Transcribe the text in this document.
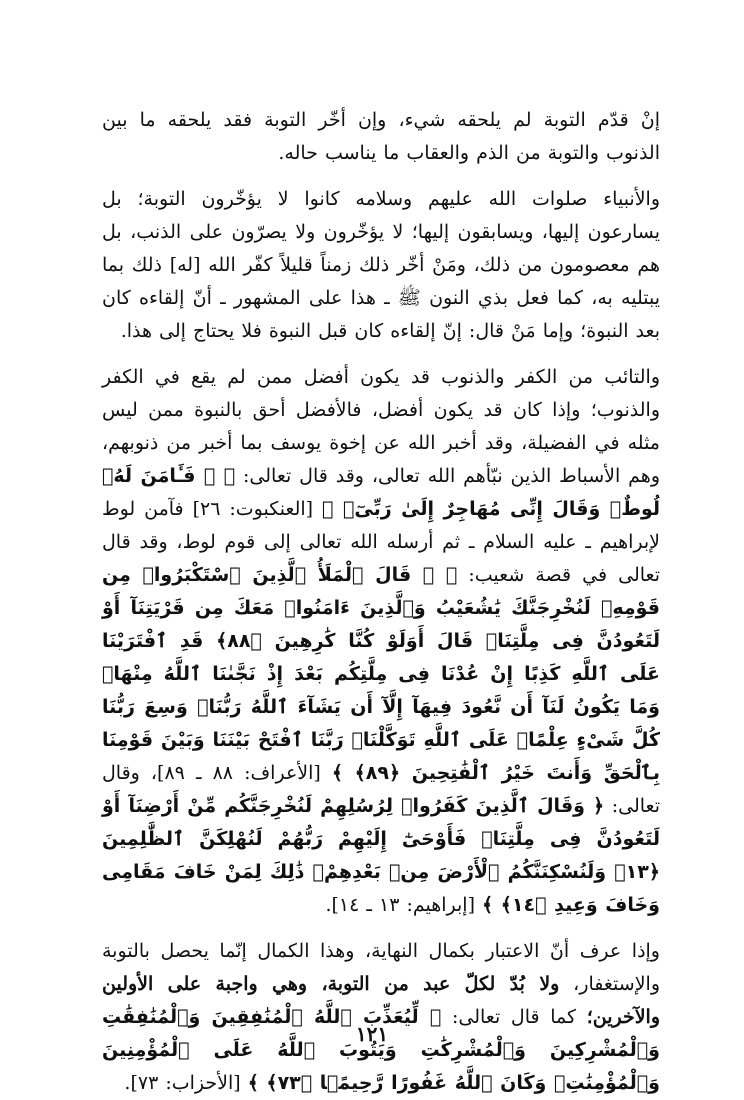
إنْ قدّم التوبة لم يلحقه شيء، وإن أخّر التوبة فقد يلحقه ما بين الذنوب والتوبة من الذم والعقاب ما يناسب حاله.

والأنبياء صلوات الله عليهم وسلامه كانوا لا يؤخّرون التوبة؛ بل يسارعون إليها، ويسابقون إليها؛ لا يؤخّرون ولا يصرّون على الذنب، بل هم معصومون من ذلك، ومَنْ أخّر ذلك زمناً قليلاً كفّر الله [له] ذلك بما يبتليه به، كما فعل بذي النون ﷺ ـ هذا على المشهور ـ أنّ إلقاءه كان بعد النبوة؛ وإما مَنْ قال: إنّ إلقاءه كان قبل النبوة فلا يحتاج إلى هذا.

والتائب من الكفر والذنوب قد يكون أفضل ممن لم يقع في الكفر والذنوب؛ وإذا كان قد يكون أفضل، فالأفضل أحق بالنبوة ممن ليس مثله في الفضيلة، وقد أخبر الله عن إخوة يوسف بما أخبر من ذنوبهم، وهم الأسباط الذين نبّأهم الله تعالى، وقد قال تعالى: ﴿ ۞ فَـَٔامَنَ لَهُۥ لُوطٌۘ وَقَالَ إِنِّى مُهَاجِرٌ إِلَىٰ رَبِّىٓۖ ﴾ [العنكبوت: ٢٦] فآمن لوط لإبراهيم ـ عليه السلام ـ ثم أرسله الله تعالى إلى قوم لوط، وقد قال تعالى في قصة شعيب: ﴿ ۞ قَالَ ٱلْمَلَأُ ٱلَّذِينَ ٱسْتَكْبَرُوا۟ مِن قَوْمِهِۦ لَنُخْرِجَنَّكَ يَٰشُعَيْبُ وَٱلَّذِينَ ءَامَنُوا۟ مَعَكَ مِن قَرْيَتِنَآ أَوْ لَتَعُودُنَّ فِى مِلَّتِنَاۚ قَالَ أَوَلَوْ كُنَّا كَٰرِهِينَ ﴿٨٨﴾ قَدِ ٱفْتَرَيْنَا عَلَى ٱللَّهِ كَذِبًا إِنْ عُدْنَا فِى مِلَّتِكُم بَعْدَ إِذْ نَجَّىٰنَا ٱللَّهُ مِنْهَاۚ وَمَا يَكُونُ لَنَآ أَن نَّعُودَ فِيهَآ إِلَّآ أَن يَشَآءَ ٱللَّهُ رَبُّنَاۚ وَسِعَ رَبُّنَا كُلَّ شَىْءٍ عِلْمًاۚ عَلَى ٱللَّهِ تَوَكَّلْنَاۚ رَبَّنَا ٱفْتَحْ بَيْنَنَا وَبَيْنَ قَوْمِنَا بِٱلْحَقِّ وَأَنتَ خَيْرُ ٱلْفَٰتِحِينَ ﴿٨٩﴾ ﴾ [الأعراف: ٨٨ ـ ٨٩]، وقال تعالى: ﴿ وَقَالَ ٱلَّذِينَ كَفَرُوا۟ لِرُسُلِهِمْ لَنُخْرِجَنَّكُم مِّنْ أَرْضِنَآ أَوْ لَتَعُودُنَّ فِى مِلَّتِنَاۖ فَأَوْحَىٰٓ إِلَيْهِمْ رَبُّهُمْ لَنُهْلِكَنَّ ٱلظَّٰلِمِينَ ﴿١٣﴾ وَلَنُسْكِنَنَّكُمُ ٱلْأَرْضَ مِنۢ بَعْدِهِمْۚ ذَٰلِكَ لِمَنْ خَافَ مَقَامِى وَخَافَ وَعِيدِ ﴿١٤﴾ ﴾ [إبراهيم: ١٣ ـ ١٤].

وإذا عرف أنّ الاعتبار بكمال النهاية، وهذا الكمال إنّما يحصل بالتوبة والإستغفار، ولا بُدّ لكلّ عبد من التوبة، وهي واجبة على الأولين والآخرين؛ كما قال تعالى: ﴿ لِّيُعَذِّبَ ٱللَّهُ ٱلْمُنَٰفِقِينَ وَٱلْمُنَٰفِقَٰتِ وَٱلْمُشْرِكِينَ وَٱلْمُشْرِكَٰتِ وَيَتُوبَ ٱللَّهُ عَلَى ٱلْمُؤْمِنِينَ وَٱلْمُؤْمِنَٰتِۗ وَكَانَ ٱللَّهُ غَفُورًا رَّحِيمًۢا ﴿٧٣﴾ ﴾ [الأحزاب: ٧٣].

١٢١
